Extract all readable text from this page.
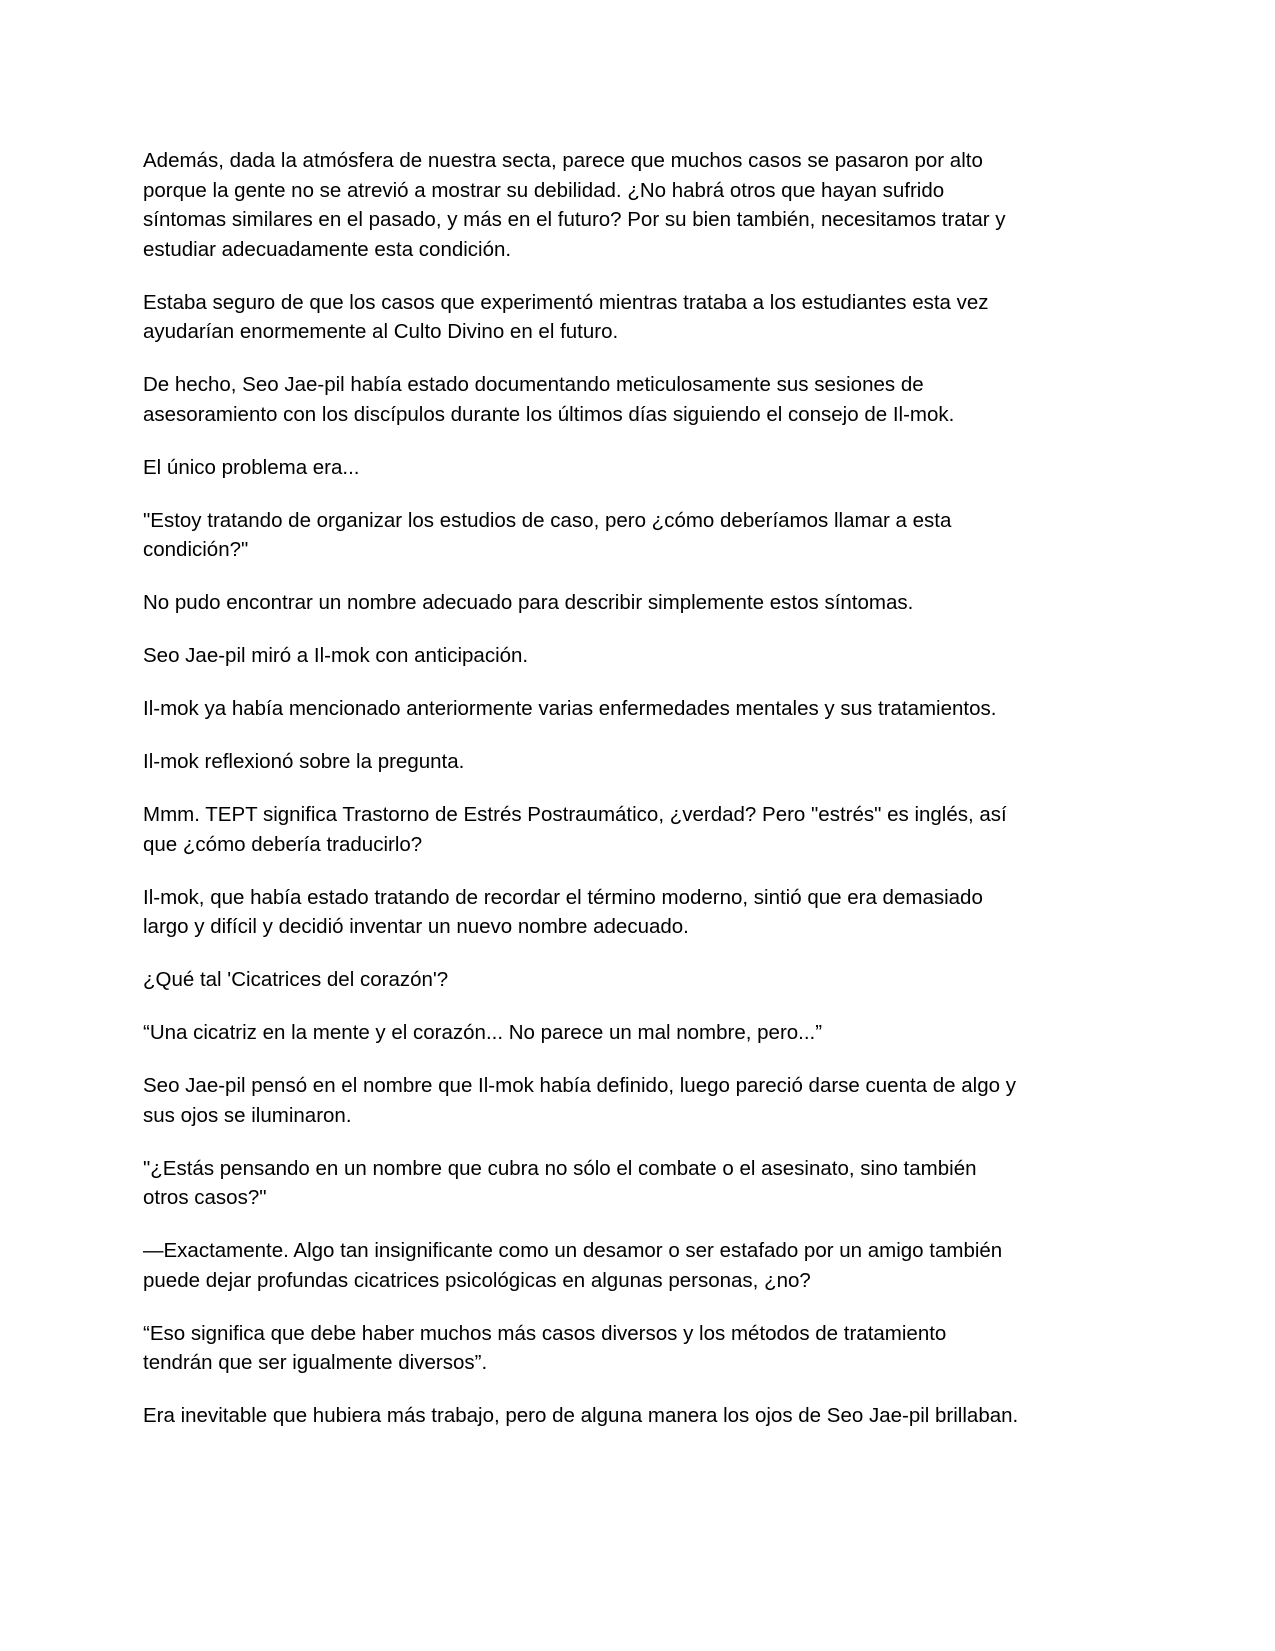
Además, dada la atmósfera de nuestra secta, parece que muchos casos se pasaron por alto
porque la gente no se atrevió a mostrar su debilidad. ¿No habrá otros que hayan sufrido
síntomas similares en el pasado, y más en el futuro? Por su bien también, necesitamos tratar y
estudiar adecuadamente esta condición.

Estaba seguro de que los casos que experimentó mientras trataba a los estudiantes esta vez
ayudarían enormemente al Culto Divino en el futuro.

De hecho, Seo Jae-pil había estado documentando meticulosamente sus sesiones de
asesoramiento con los discípulos durante los últimos días siguiendo el consejo de Il-mok.

El único problema era...

"Estoy tratando de organizar los estudios de caso, pero ¿cómo deberíamos llamar a esta
condición?"

No pudo encontrar un nombre adecuado para describir simplemente estos síntomas.

Seo Jae-pil miró a Il-mok con anticipación.

Il-mok ya había mencionado anteriormente varias enfermedades mentales y sus tratamientos.

Il-mok reflexionó sobre la pregunta.

Mmm. TEPT significa Trastorno de Estrés Postraumático, ¿verdad? Pero "estrés" es inglés, así
que ¿cómo debería traducirlo?

Il-mok, que había estado tratando de recordar el término moderno, sintió que era demasiado
largo y difícil y decidió inventar un nuevo nombre adecuado.

¿Qué tal 'Cicatrices del corazón'?

“Una cicatriz en la mente y el corazón... No parece un mal nombre, pero...”

Seo Jae-pil pensó en el nombre que Il-mok había definido, luego pareció darse cuenta de algo y
sus ojos se iluminaron.

"¿Estás pensando en un nombre que cubra no sólo el combate o el asesinato, sino también
otros casos?"

—Exactamente. Algo tan insignificante como un desamor o ser estafado por un amigo también
puede dejar profundas cicatrices psicológicas en algunas personas, ¿no?

“Eso significa que debe haber muchos más casos diversos y los métodos de tratamiento
tendrán que ser igualmente diversos”.

Era inevitable que hubiera más trabajo, pero de alguna manera los ojos de Seo Jae-pil brillaban.
